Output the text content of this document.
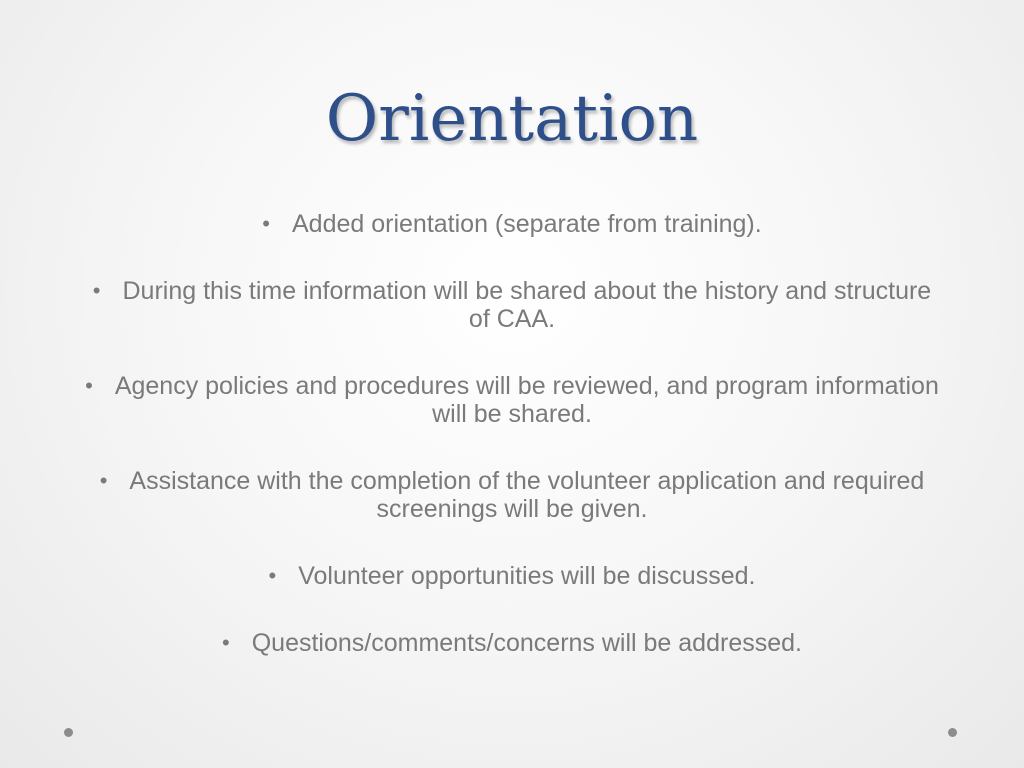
Orientation
• Added orientation (separate from training).
• During this time information will be shared about the history and structure of CAA.
• Agency policies and procedures will be reviewed, and program information will be shared.
• Assistance with the completion of the volunteer application and required screenings will be given.
• Volunteer opportunities will be discussed.
• Questions/comments/concerns will be addressed.
